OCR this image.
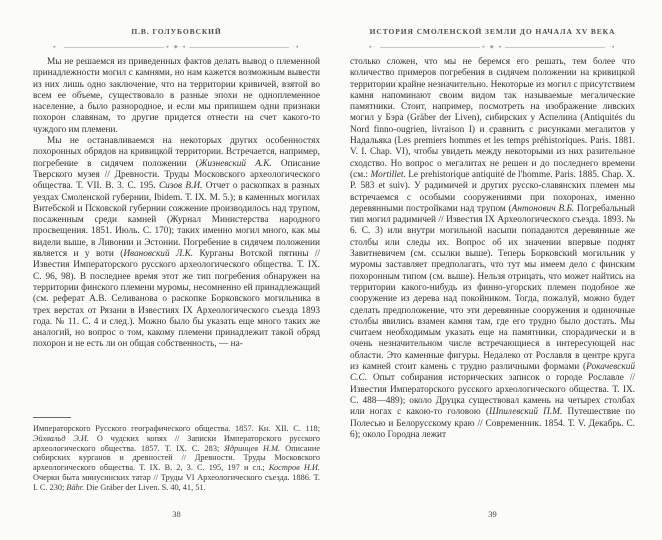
П.В. ГОЛУБОВСКИЙ
▸·	▸·◆·◂	·◂

Мы не решаемся из приведенных фактов делать вывод о племенной принадлежности могил с камнями, но нам кажется возможным вывести из них лишь одно заключение, что на территории кривичей, взятой во всем ее объеме, существовало в разные эпохи не одноплеменное население, а было разнородное, и если мы припишем одни признаки похорон славянам, то другие придется отнести на счет какого-то чуждого им племени.

Мы не останавливаемся на некоторых других особенностях похоронных обрядов на кривицкой территории. Встречается, например, погребение в сидячем положении (Жизневский А.К. Описание Тверского музея // Древности. Труды Московского археологического общества. Т. VII. В. 3. С. 195. Сизов В.И. Отчет о раскопках в разных уездах Смоленской губернии, Ibidem. Т. IX. М. 5.); в каменных могилах Витебской и Псковской губернии сожжение производилось над трупом, посаженным среди камней (Журнал Министерства народного просвещения. 1851. Июль. С. 170); таких именно могил много, как мы видели выше, в Ливонии и Эстонии. Погребение в сидячем положении является и у воти (Ивановский Л.К. Курганы Вотской пятины // Известия Императорского русского археологического общества. Т. IX. С. 96, 98). В последнее время этот же тип погребения обнаружен на территории финского племени муромы, несомненно ей принадлежащий (см. реферат А.В. Селиванова о раскопке Борковского могильника в трех верстах от Рязани в Известиях IX Археологического съезда 1893 года. № 11. С. 4 и след.). Можно было бы указать еще много таких же аналогий, но вопрос о том, какому племени принадлежит такой обряд похорон и не есть ли он общая собственность, — на-

Императорского Русского географического общества. 1857. Кн. XII. С. 118; Эйхвальд Э.И. О чудских копях // Записки Императорского русского археологического общества. 1857. Т. IX. С. 283; Ядринцев Н.М. Описание сибирских курганов и древностей // Древности. Труды Московского археологического общества. Т. IX. В. 2, 3. С. 195, 197 и сл.; Костров Н.И. Очерки быта минусинских татар // Труды VI Археологического съезда. 1886. Т. I. С. 230; Bähr. Die Gräber der Liven. S. 40, 41, 51.

38
ИСТОРИЯ СМОЛЕНСКОЙ ЗЕМЛИ ДО НАЧАЛА XV ВЕКА
▸·	▸·◆·◂	·◂

столько сложен, что мы не беремся его решать, тем более что количество примеров погребения в сидячем положении на кривицкой территории крайне незначительно. Некоторые из могил с присутствием камня напоминают своим видом так называемые мегалические памятники. Стоит, например, посмотреть на изображение ливских могил у Бэра (Gräber der Liven), сибирских у Аспелина (Antiquités du Nord finno-ougrien, livraison I) и сравнить с рисунками мегалитов у Надальяка (Les premiers hommes et les temps préhistoriques. Paris. 1881. V. I. Chap. VI), чтобы увидеть между некоторыми из них разительное сходство. Но вопрос о мегалитах не решен и до последнего времени (см.: Mortillet. Le prehistorique antiquité de l'homme. Paris. 1885. Chap. X. P. 583 et suiv). У радимичей и других русско-славянских племен мы встречаемся с особыми сооружениями при похоронах, именно деревянными постройками над трупом (Антонович В.Б. Погребальный тип могил радимичей // Известия IX Археологического съезда. 1893. № 6. С. 3) или внутри могильной насыпи попадаются деревянные же столбы или следы их. Вопрос об их значении впервые поднят Завитневичем (см. ссылки выше). Теперь Борковский могильник у муромы заставляет предполагать, что тут мы имеем дело с финским похоронным типом (см. выше). Нельзя отрицать, что может найтись на территории какого-нибудь из финно-угорских племен подобное же сооружение из дерева над покойником. Тогда, пожалуй, можно будет сделать предположение, что эти деревянные сооружения и одиночные столбы явились взамен камня там, где его трудно было достать. Мы считаем необходимым указать еще на памятники, спорадически и в очень незначительном числе встречающиеся в интересующей нас области. Это каменные фигуры. Недалеко от Рославля в центре круга из камней стоит камень с трудно различными формами (Рокачевский С.С. Опыт собирания исторических записок о городе Рославле // Известия Императорского русского археологического общества. Т. IX. С. 488—489); около Друцка существовал камень на четырех столбах или ногах с какою-то головою (Шпилевский П.М. Путешествие по Полесью и Белорусскому краю // Современник. 1854. Т. V. Декабрь. С. 6); около Городна лежит

39
